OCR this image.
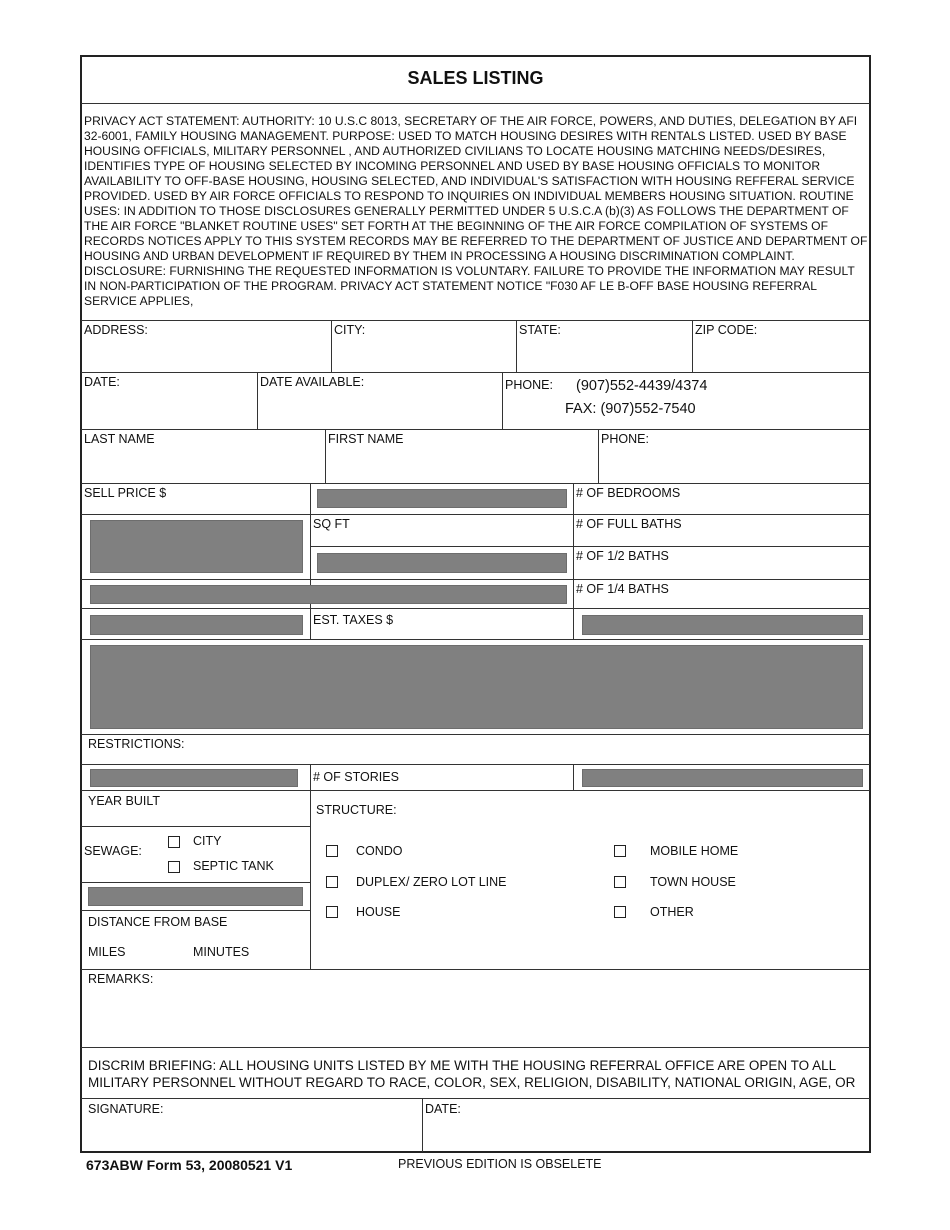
SALES LISTING
PRIVACY ACT STATEMENT: AUTHORITY: 10 U.S.C 8013, SECRETARY OF THE AIR FORCE, POWERS, AND DUTIES, DELEGATION BY AFI 32-6001, FAMILY HOUSING MANAGEMENT. PURPOSE: USED TO MATCH HOUSING DESIRES WITH RENTALS LISTED. USED BY BASE HOUSING OFFICIALS, MILITARY PERSONNEL , AND AUTHORIZED CIVILIANS TO LOCATE HOUSING MATCHING NEEDS/DESIRES, IDENTIFIES TYPE OF HOUSING SELECTED BY INCOMING PERSONNEL AND USED BY BASE HOUSING OFFICIALS TO MONITOR AVAILABILITY TO OFF-BASE HOUSING, HOUSING SELECTED, AND INDIVIDUAL'S SATISFACTION WITH HOUSING REFFERAL SERVICE PROVIDED. USED BY AIR FORCE OFFICIALS TO RESPOND TO INQUIRIES ON INDIVIDUAL MEMBERS HOUSING SITUATION. ROUTINE USES: IN ADDITION TO THOSE DISCLOSURES GENERALLY PERMITTED UNDER 5 U.S.C.A (b)(3) AS FOLLOWS THE DEPARTMENT OF THE AIR FORCE "BLANKET ROUTINE USES" SET FORTH AT THE BEGINNING OF THE AIR FORCE COMPILATION OF SYSTEMS OF RECORDS NOTICES APPLY TO THIS SYSTEM RECORDS MAY BE REFERRED TO THE DEPARTMENT OF JUSTICE AND DEPARTMENT OF HOUSING AND URBAN DEVELOPMENT IF REQUIRED BY THEM IN PROCESSING A HOUSING DISCRIMINATION COMPLAINT. DISCLOSURE: FURNISHING THE REQUESTED INFORMATION IS VOLUNTARY. FAILURE TO PROVIDE THE INFORMATION MAY RESULT IN NON-PARTICIPATION OF THE PROGRAM. PRIVACY ACT STATEMENT NOTICE "F030 AF LE B-OFF BASE HOUSING REFERRAL SERVICE APPLIES,
ADDRESS:	CITY:	STATE:	ZIP CODE:
DATE:	DATE AVAILABLE:	PHONE: (907)552-4439/4374
FAX: (907)552-7540
LAST NAME	FIRST NAME	PHONE:
SELL PRICE $	# OF BEDROOMS
SQ FT	# OF FULL BATHS
# OF 1/2 BATHS
# OF 1/4 BATHS
EST. TAXES $
RESTRICTIONS:
# OF STORIES
YEAR BUILT
STRUCTURE:
SEWAGE:
CITY
SEPTIC TANK
CONDO
DUPLEX/ ZERO LOT LINE
HOUSE
MOBILE HOME
TOWN HOUSE
OTHER
DISTANCE FROM BASE
MILES	MINUTES
REMARKS:
DISCRIM BRIEFING: ALL HOUSING UNITS LISTED BY ME WITH THE HOUSING REFERRAL OFFICE ARE OPEN TO ALL MILITARY PERSONNEL WITHOUT REGARD TO RACE, COLOR, SEX, RELIGION, DISABILITY, NATIONAL ORIGIN, AGE, OR
SIGNATURE:	DATE:
673ABW Form 53, 20080521 V1	PREVIOUS EDITION IS OBSELETE
